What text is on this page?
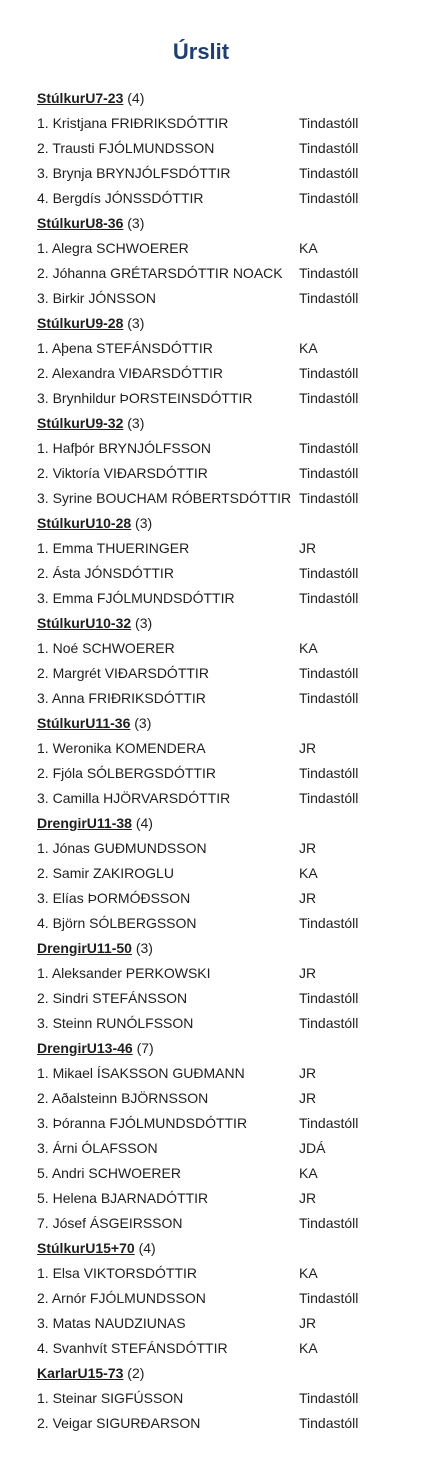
Úrslit
StúlkurU7-23 (4)
1. Kristjana FRIÐRIKSDÓTTIR	Tindastóll
2. Trausti FJÓLMUNDSSON	Tindastóll
3. Brynja BRYNJÓLFSDÓTTIR	Tindastóll
4. Bergdís JÓNSSDÓTTIR	Tindastóll
StúlkurU8-36 (3)
1. Alegra SCHWOERER	KA
2. Jóhanna GRÉTARSDÓTTIR NOACK Tindastóll
3. Birkir JÓNSSON	Tindastóll
StúlkurU9-28 (3)
1. Aþena STEFÁNSDÓTTIR	KA
2. Alexandra VIÐARSDÓTTIR	Tindastóll
3. Brynhildur ÞORSTEINSDÓTTIR	Tindastóll
StúlkurU9-32 (3)
1. Hafþór BRYNJÓLFSSON	Tindastóll
2. Viktoría VIÐARSDÓTTIR	Tindastóll
3. Syrine BOUCHAM RÓBERTSDÓTTIR Tindastóll
StúlkurU10-28 (3)
1. Emma THUERINGER	JR
2. Ásta JÓNSDÓTTIR	Tindastóll
3. Emma FJÓLMUNDSDÓTTIR	Tindastóll
StúlkurU10-32 (3)
1. Noé SCHWOERER	KA
2. Margrét VIÐARSDÓTTIR	Tindastóll
3. Anna FRIÐRIKSDÓTTIR	Tindastóll
StúlkurU11-36 (3)
1. Weronika KOMENDERA	JR
2. Fjóla SÓLBERGSDÓTTIR	Tindastóll
3. Camilla HJÖRVARSDÓTTIR	Tindastóll
DrengirU11-38 (4)
1. Jónas GUÐMUNDSSON	JR
2. Samir ZAKIROGLU	KA
3. Elías ÞORMÓÐSSON	JR
4. Björn SÓLBERGSSON	Tindastóll
DrengirU11-50 (3)
1. Aleksander PERKOWSKI	JR
2. Sindri STEFÁNSSON	Tindastóll
3. Steinn RUNÓLFSSON	Tindastóll
DrengirU13-46 (7)
1. Mikael ÍSAKSSON GUÐMANN	JR
2. Aðalsteinn BJÖRNSSON	JR
3. Þóranna FJÓLMUNDSDÓTTIR	Tindastóll
3. Árni ÓLAFSSON	JDÁ
5. Andri SCHWOERER	KA
5. Helena BJARNADÓTTIR	JR
7. Jósef ÁSGEIRSSON	Tindastóll
StúlkurU15+70 (4)
1. Elsa VIKTORSDÓTTIR	KA
2. Arnór FJÓLMUNDSSON	Tindastóll
3. Matas NAUDZIUNAS	JR
4. Svanhvít STEFÁNSDÓTTIR	KA
KarlarU15-73 (2)
1. Steinar SIGFÚSSON	Tindastóll
2. Veigar SIGURÐARSON	Tindastóll
